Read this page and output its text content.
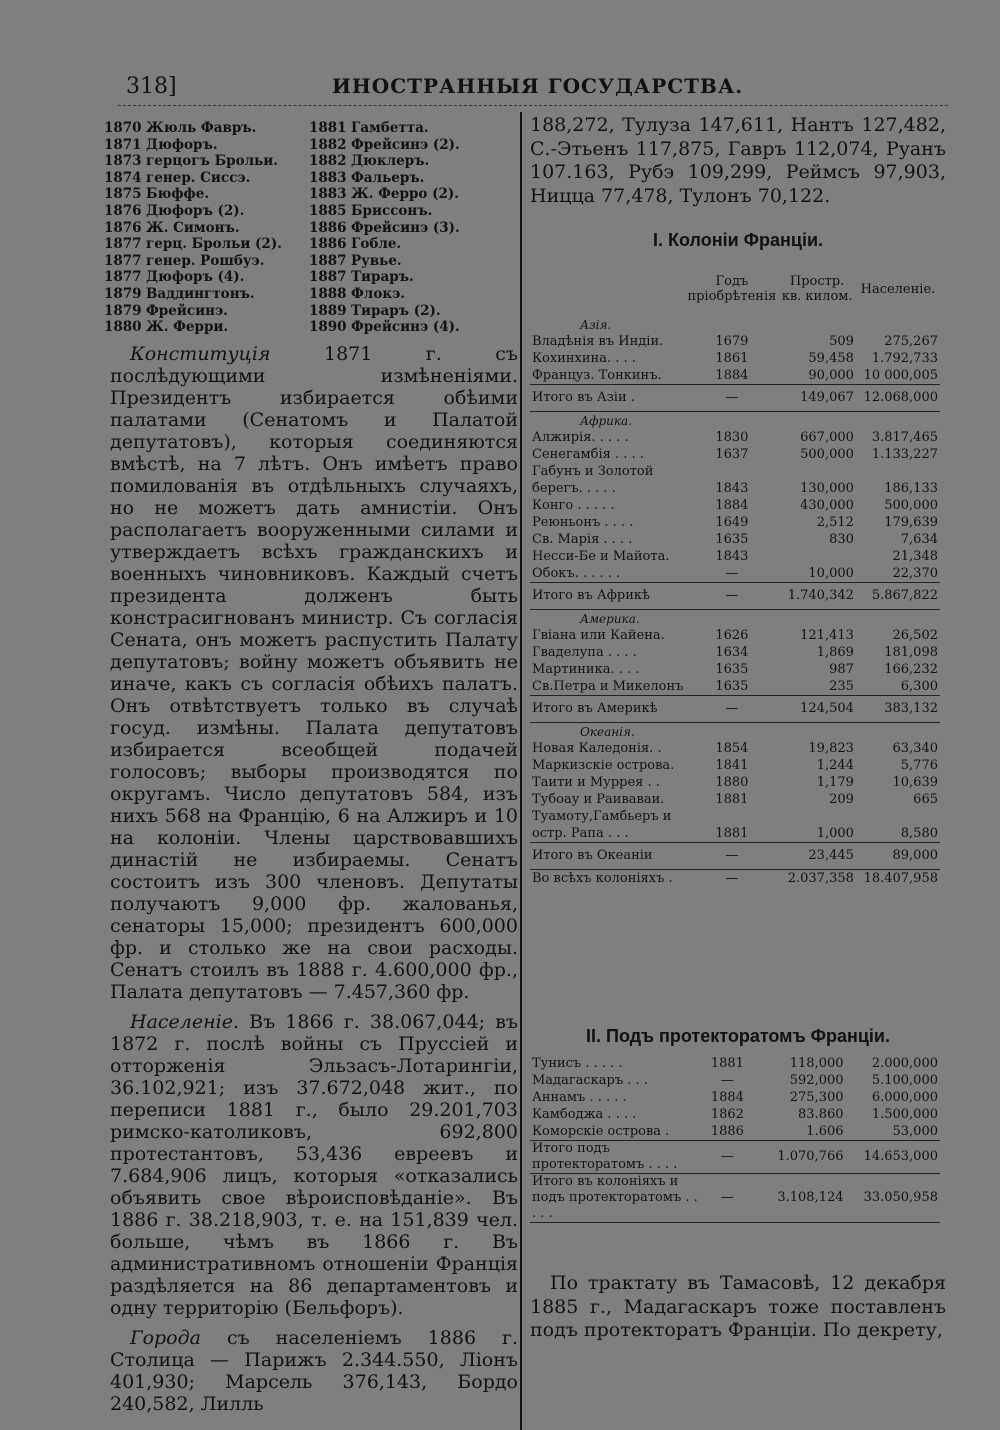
318]	ИНОСТРАННЫЯ ГОСУДАРСТВА.
1870 Жюль Фавръ.	1881 Гамбетта.
1871 Дюфоръ.	1882 Фрейсинэ (2).
1873 герцогъ Брольи. 1882 Дюклеръ.
1874 генер. Сиссэ.	1883 Фальеръ.
1875 Бюффе.	1883 Ж. Ферро (2).
1876 Дюфоръ (2).	1885 Бриссонъ.
1876 Ж. Симонъ.	1886 Фрейсинэ (3).
1877 герц. Брольи (2). 1886 Гобле.
1877 генер. Рошбуэ.	1887 Рувье.
1877 Дюфоръ (4).	1887 Тираръ.
1879 Ваддингтонъ.	1888 Флокэ.
1879 Фрейсинэ.	1889 Тираръ (2).
1880 Ж. Ферри.	1890 Фрейсинэ (4).

Конституція 1871 г. съ послѣдующими измѣненіями. Президентъ избирается обѣими палатами (Сенатомъ и Палатой депутатовъ), которыя соединяются вмѣстѣ, на 7 лѣтъ. Онъ имѣетъ право помилованія въ отдѣльныхъ случаяхъ, но не можетъ дать амнистіи. Онъ располагаетъ вооруженными силами и утверждаетъ всѣхъ гражданскихъ и военныхъ чиновниковъ. Каждый счетъ президента долженъ быть констрасигнованъ министр. Съ согласія Сената, онъ можетъ распустить Палату депутатовъ; войну можетъ объявить не иначе, какъ съ согласія обѣихъ палатъ. Онъ отвѣтствуетъ только въ случаѣ госуд. измѣны. Палата депутатовъ избирается всеобщей подачей голосовъ; выборы производятся по округамъ. Число депутатовъ 584, изъ нихъ 568 на Францію, 6 на Алжиръ и 10 на колоніи. Члены царствовавшихъ династій не избираемы. Сенатъ состоитъ изъ 300 членовъ. Депутаты получаютъ 9,000 фр. жалованья, сенаторы 15,000; президентъ 600,000 фр. и столько же на свои расходы. Сенатъ стоилъ въ 1888 г. 4.600,000 фр., Палата депутатовъ — 7.457,360 фр.

Населеніе. Въ 1866 г. 38.067,044; въ 1872 г. послѣ войны съ Пруссіей и отторженія Эльзасъ-Лотарингіи, 36.102,921; изъ 37.672,048 жит., по переписи 1881 г., было 29.201,703 римско-католиковъ, 692,800 протестантовъ, 53,436 евреевъ и 7.684,906 лицъ, которыя «отказались объявить свое вѣроисповѣданіе». Въ 1886 г. 38.218,903, т. е. на 151,839 чел. больше, чѣмъ въ 1866 г. Въ административномъ отношеніи Франція раздѣляется на 86 департаментовъ и одну территорію (Бельфоръ).

Города съ населеніемъ 1886 г. Столица — Парижъ 2.344.550, Ліонъ 401,930; Марсель 376,143, Бордо 240,582, Лилль

188,272, Тулуза 147,611, Нантъ 127,482, С.-Этьенъ 117,875, Гавръ 112,074, Руанъ 107.163, Рубэ 109,299, Реймсъ 97,903, Ницца 77,478, Тулонъ 70,122.
I. Колоніи Франціи.
	Годъ пріобрѣтенія	Простр. кв. килом.	Населеніе.
Азія.			
Владѣнія въ Индіи.	1679	509	275,267
Кохинхина. . . .	1861	59,458	1.792,733
Францyз. Тонкинъ.	1884	90,000	10 000,005
Итого въ Азіи .	—	149,067	12.068,000
Африка.			
Алжирія. . . . .	1830	667,000	3.817,465
Сенегамбія . . . .	1637	500,000	1.133,227
Габунъ и Золотой			
берегъ. . . . .	1843	130,000	186,133
Конго . . . . .	1884	430,000	500,000
Реюньонъ . . . .	1649	2,512	179,639
Св. Марія . . . .	1635	830	7,634
Несси-Бе и Майота.	1843		21,348
Обокъ. . . . . .	—	10,000	22,370
Итого въ Африкѣ	—	1.740,342	5.867,822
Америка.			
Гвіана или Кайена.	1626	121,413	26,502
Гваделупа . . . .	1634	1,869	181,098
Мартиника. . . .	1635	987	166,232
Св.Петра и Микелонъ	1635	235	6,300
Итого въ Америкѣ	—	124,504	383,132
Океанія.			
Новая Каледонія. .	1854	19,823	63,340
Маркизскіе острова.	1841	1,244	5,776
Таити и Муррея . .	1880	1,179	10,639
Тубоау и Раиваваи.	1881	209	665
Туамоту,Гамбьеръ и			
остр. Рапа . . .	1881	1,000	8,580
Итого въ Океаніи	—	23,445	89,000
Во всѣхъ колоніяхъ .	—	2.037,358	18.407,958
II. Подъ протекторатомъ Франціи.
Тунисъ . . . . .	1881	118,000	2.000,000
Мадагаскаръ . . .	—	592,000	5.100,000
Аннамъ . . . . .	1884	275,300	6.000,000
Камбоджа . . . .	1862	83.860	1.500,000
Коморскіе острова .	1886	1.606	53,000
Итого подъ протекторатомъ . . . .	—	1.070,766	14.653,000
Итого въ колоніяхъ и подъ протекторатомъ . . . . .	—	3.108,124	33.050,958
По трактату въ Тамасовѣ, 12 декабря 1885 г., Мадагаскаръ тоже поставленъ подъ протекторатъ Франціи. По декрету,
